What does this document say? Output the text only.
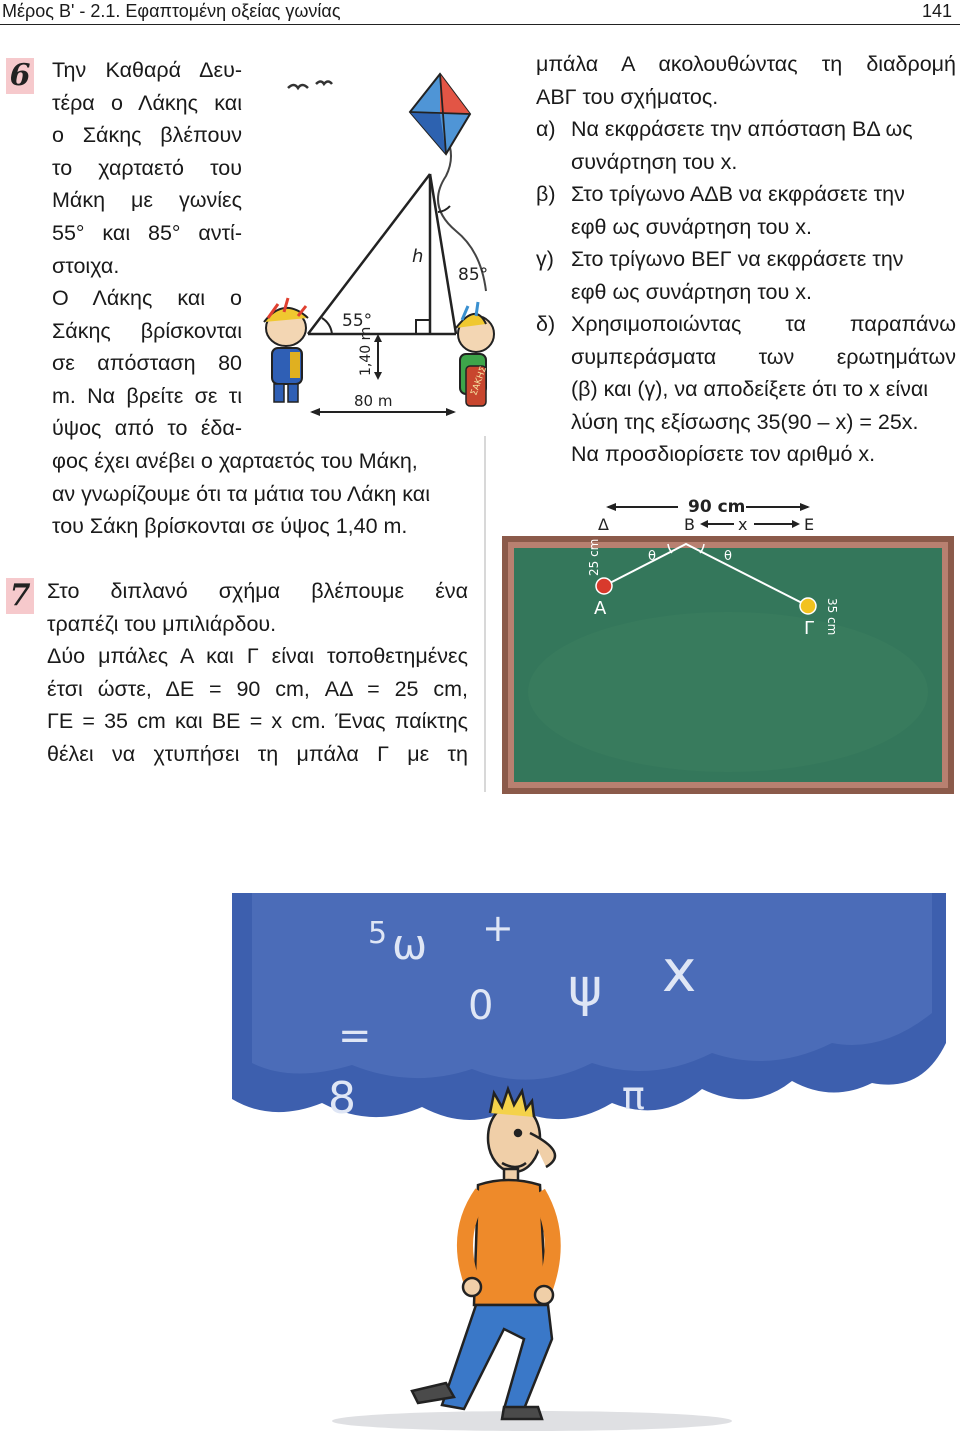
Μέρος Β' - 2.1. Εφαπτομένη οξείας γωνίας	141
6 Την Καθαρά Δευ-

τέρα ο Λάκης και

ο Σάκης βλέπουν

το χαρταετό του

Μάκη με γωνίες

55° και 85° αντί-

στοιχα.

Ο Λάκης και ο

Σάκης βρίσκονται

σε απόσταση 80

m. Να βρείτε σε τι

ύψος από το έδα-

φος έχει ανέβει ο χαρταετός του Μάκη,

αν γνωρίζουμε ότι τα μάτια του Λάκη και

του Σάκη βρίσκονται σε ύψος 1,40 m.

h
55°
85°
1,40 m
80 m
ΣΑΚΗΣ
7 Στο διπλανό σχήμα βλέπουμε ένα

τραπέζι του μπιλιάρδου.

Δύο μπάλες Α και Γ είναι τοποθετημένες

έτσι ώστε, ΔΕ = 90 cm, ΑΔ = 25 cm,

ΓΕ = 35 cm και ΒΕ = x cm. Ένας παίκτης

θέλει να χτυπήσει τη μπάλα Γ με τη

μπάλα Α ακολουθώντας τη διαδρομή

ΑΒΓ του σχήματος.

α) Να εκφράσετε την απόσταση ΒΔ ως

συνάρτηση του x.

β) Στο τρίγωνο ΑΔΒ να εκφράσετε την

εφθ ως συνάρτηση του x.

γ) Στο τρίγωνο ΒΕΓ να εκφράσετε την

εφθ ως συνάρτηση του x.

δ) Χρησιμοποιώντας τα παραπάνω

συμπεράσματα των ερωτημάτων

(β) και (γ), να αποδείξετε ότι το x είναι

λύση της εξίσωσης 35(90 – x) = 25x.

Να προσδιορίσετε τον αριθμό x.

90 cm
Δ	Β	x	Ε
θ	θ
Α
Γ
25 cm
35 cm
ω +
ψ
0
x
=
8	π
5
